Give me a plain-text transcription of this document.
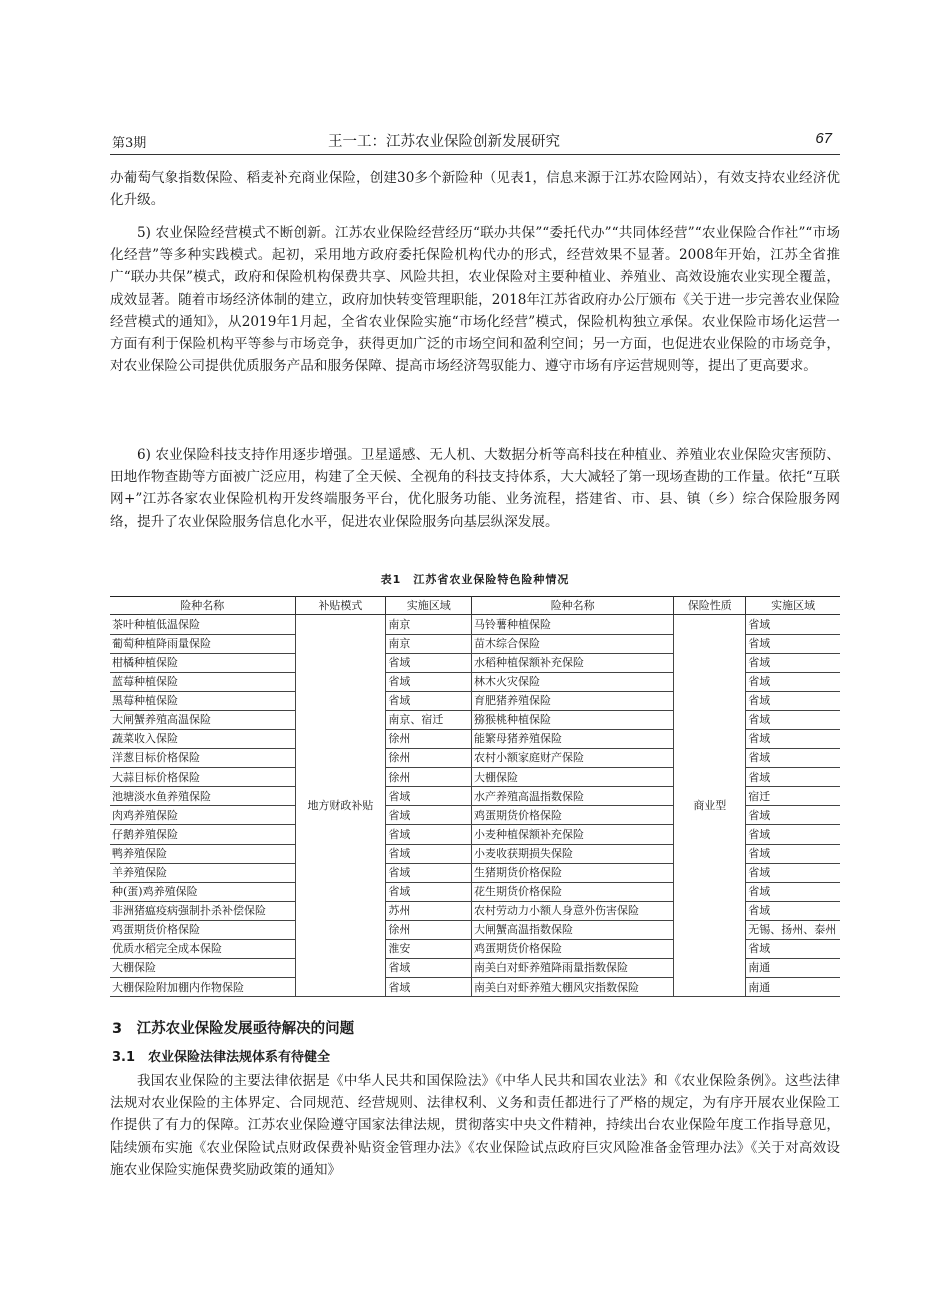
第3期	王一工：江苏农业保险创新发展研究	67

办葡萄气象指数保险、稻麦补充商业保险，创建30多个新险种（见表1，信息来源于江苏农险网站），有效支持农业经济优化升级。

5) 农业保险经营模式不断创新。江苏农业保险经营经历“联办共保”“委托代办”“共同体经营”“农业保险合作社”“市场化经营”等多种实践模式。起初，采用地方政府委托保险机构代办的形式，经营效果不显著。2008年开始，江苏全省推广“联办共保”模式，政府和保险机构保费共享、风险共担，农业保险对主要种植业、养殖业、高效设施农业实现全覆盖，成效显著。随着市场经济体制的建立，政府加快转变管理职能，2018年江苏省政府办公厅颁布《关于进一步完善农业保险经营模式的通知》，从2019年1月起，全省农业保险实施“市场化经营”模式，保险机构独立承保。农业保险市场化运营一方面有利于保险机构平等参与市场竞争，获得更加广泛的市场空间和盈利空间；另一方面，也促进农业保险的市场竞争，对农业保险公司提供优质服务产品和服务保障、提高市场经济驾驭能力、遵守市场有序运营规则等，提出了更高要求。

6) 农业保险科技支持作用逐步增强。卫星遥感、无人机、大数据分析等高科技在种植业、养殖业农业保险灾害预防、田地作物查勘等方面被广泛应用，构建了全天候、全视角的科技支持体系，大大减轻了第一现场查勘的工作量。依托“互联网+”江苏各家农业保险机构开发终端服务平台，优化服务功能、业务流程，搭建省、市、县、镇（乡）综合保险服务网络，提升了农业保险服务信息化水平，促进农业保险服务向基层纵深发展。

表1　江苏省农业保险特色险种情况
险种名称	补贴模式	实施区域	险种名称	保险性质	实施区域
茶叶种植低温保险	地方财政补贴	南京	马铃薯种植保险	商业型	省域
葡萄种植降雨量保险		南京	苗木综合保险		省域
柑橘种植保险		省域	水稻种植保额补充保险		省域
蓝莓种植保险		省域	林木火灾保险		省域
黑莓种植保险		省域	育肥猪养殖保险		省域
大闸蟹养殖高温保险		南京、宿迁	猕猴桃种植保险		省域
蔬菜收入保险		徐州	能繁母猪养殖保险		省域
洋葱目标价格保险		徐州	农村小额家庭财产保险		省域
大蒜目标价格保险		徐州	大棚保险		省域
池塘淡水鱼养殖保险		省域	水产养殖高温指数保险		宿迁
肉鸡养殖保险		省域	鸡蛋期货价格保险		省域
仔鹅养殖保险		省域	小麦种植保额补充保险		省域
鸭养殖保险		省域	小麦收获期损失保险		省域
羊养殖保险		省域	生猪期货价格保险		省域
种(蛋)鸡养殖保险		省域	花生期货价格保险		省域
非洲猪瘟疫病强制扑杀补偿保险		苏州	农村劳动力小额人身意外伤害保险		省域
鸡蛋期货价格保险		徐州	大闸蟹高温指数保险		无锡、扬州、泰州
优质水稻完全成本保险		淮安	鸡蛋期货价格保险		省域
大棚保险		省域	南美白对虾养殖降雨量指数保险		南通
大棚保险附加棚内作物保险		省域	南美白对虾养殖大棚风灾指数保险		南通
3　江苏农业保险发展亟待解决的问题
3.1　农业保险法律法规体系有待健全

我国农业保险的主要法律依据是《中华人民共和国保险法》《中华人民共和国农业法》和《农业保险条例》。这些法律法规对农业保险的主体界定、合同规范、经营规则、法律权利、义务和责任都进行了严格的规定，为有序开展农业保险工作提供了有力的保障。江苏农业保险遵守国家法律法规，贯彻落实中央文件精神，持续出台农业保险年度工作指导意见，陆续颁布实施《农业保险试点财政保费补贴资金管理办法》《农业保险试点政府巨灾风险准备金管理办法》《关于对高效设施农业保险实施保费奖励政策的通知》
